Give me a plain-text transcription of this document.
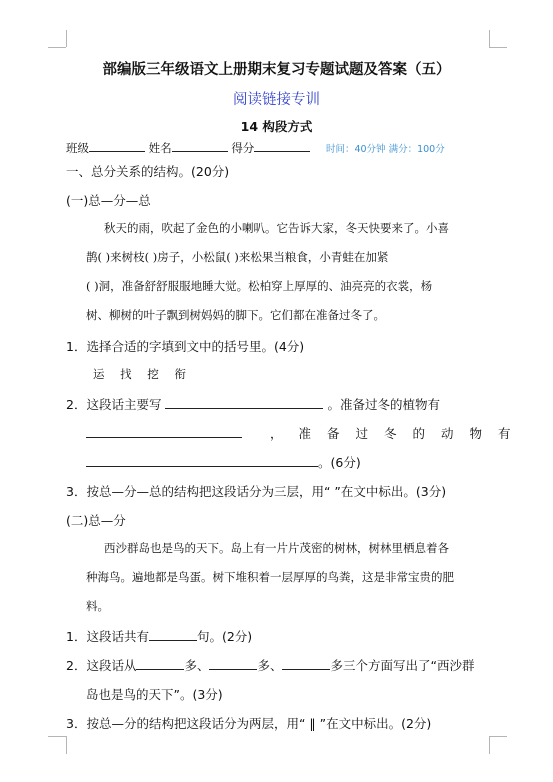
部编版三年级语文上册期末复习专题试题及答案（五）
阅读链接专训
14 构段方式
班级	姓名	得分	时间：40分钟 满分：100分
一、总分关系的结构。(20分)
(一)总—分—总
秋天的雨，吹起了金色的小喇叭。它告诉大家，冬天快要来了。小喜
鹊( )来树枝( )房子，小松鼠( )来松果当粮食，小青蛙在加紧
( )洞，准备舒舒服服地睡大觉。松柏穿上厚厚的、油亮亮的衣裳，杨
树、柳树的叶子飘到树妈妈的脚下。它们都在准备过冬了。
1．选择合适的字填到文中的括号里。(4分)
运 找 挖 衔
2．这段话主要写	。准备过冬的植物有
，准备过冬的动物有
。(6分)
3．按总—分—总的结构把这段话分为三层，用“ ”在文中标出。(3分)
(二)总—分
西沙群岛也是鸟的天下。岛上有一片片茂密的树林，树林里栖息着各
种海鸟。遍地都是鸟蛋。树下堆积着一层厚厚的鸟粪，这是非常宝贵的肥
料。
1．这段话共有	句。(2分)
2．这段话从	多、	多、	多三个方面写出了“西沙群
岛也是鸟的天下”。(3分)
3．按总—分的结构把这段话分为两层，用“ ‖ ”在文中标出。(2分)
